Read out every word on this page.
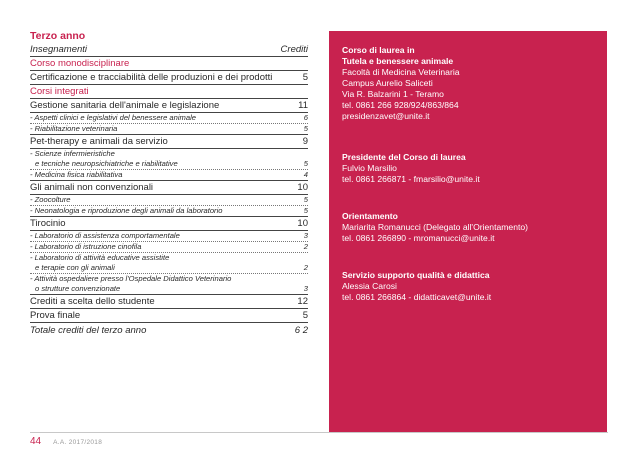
Terzo anno
Insegnamenti	Crediti
Corso monodisciplinare
Certificazione e tracciabilità delle produzioni e dei prodotti	5
Corsi integrati
Gestione sanitaria dell'animale e legislazione	11
- Aspetti clinici e legislativi del benessere animale	6
- Riabilitazione veterinaria	5
Pet-therapy e animali da servizio	9
- Scienze infermieristiche
e tecniche neuropsichiatriche e riabilitative	5
- Medicina fisica riabilitativa	4
Gli animali non convenzionali	10
- Zoocolture	5
- Neonatologia e riproduzione degli animali da laboratorio	5
Tirocinio	10
- Laboratorio di assistenza comportamentale	3
- Laboratorio di istruzione cinofila	2
- Laboratorio di attività educative assistite
e terapie con gli animali	2
- Attività ospedaliere presso l'Ospedale Didattico Veterinario
o strutture convenzionate	3
Crediti a scelta dello studente	12
Prova finale	5
Totale crediti del terzo anno	6 2
Corso di laurea in
Tutela e benessere animale
Facoltà di Medicina Veterinaria
Campus Aurelio Saliceti
Via R. Balzarini 1 - Teramo
tel. 0861 266 928/924/863/864
presidenzavet@unite.it
Presidente del Corso di laurea
Fulvio Marsilio
tel. 0861 266871 - fmarsilio@unite.it
Orientamento
Mariarita Romanucci (Delegato all'Orientamento)
tel. 0861 266890 - mromanucci@unite.it
Servizio supporto qualità e didattica
Alessia Carosi
tel. 0861 266864 - didatticavet@unite.it
44 A.A. 2017/2018
